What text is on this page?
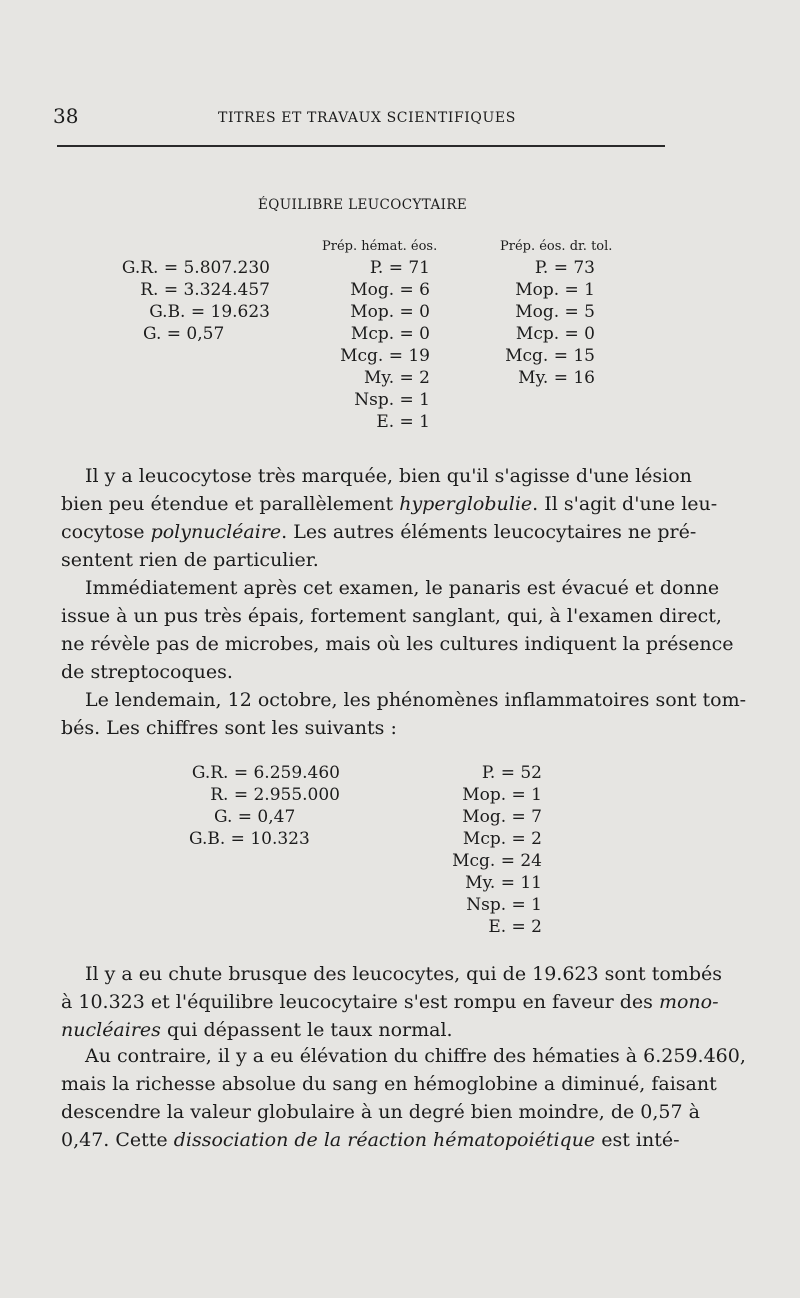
38	TITRES ET TRAVAUX SCIENTIFIQUES
ÉQUILIBRE LEUCOCYTAIRE
Prép. hémat. éos.	Prép. éos. dr. tol.
G.R. = 5.807.230
R. = 3.324.457
G.B. = 19.623
G. = 0,57
P. = 71
Mog. = 6
Mop. = 0
Mcp. = 0
Mcg. = 19
My. = 2
Nsp. = 1
E. = 1
P. = 73
Mop. = 1
Mog. = 5
Mcp. = 0
Mcg. = 15
My. = 16
Il y a leucocytose très marquée, bien qu'il s'agisse d'une lésion
bien peu étendue et parallèlement hyperglobulie. Il s'agit d'une leu-
cocytose polynucléaire. Les autres éléments leucocytaires ne pré-
sentent rien de particulier.
Immédiatement après cet examen, le panaris est évacué et donne
issue à un pus très épais, fortement sanglant, qui, à l'examen direct,
ne révèle pas de microbes, mais où les cultures indiquent la présence
de streptocoques.
Le lendemain, 12 octobre, les phénomènes inflammatoires sont tom-
bés. Les chiffres sont les suivants :
G.R. = 6.259.460
R. = 2.955.000
G. = 0,47
G.B. = 10.323
P. = 52
Mop. = 1
Mog. = 7
Mcp. = 2
Mcg. = 24
My. = 11
Nsp. = 1
E. = 2
Il y a eu chute brusque des leucocytes, qui de 19.623 sont tombés
à 10.323 et l'équilibre leucocytaire s'est rompu en faveur des mono-
nucléaires qui dépassent le taux normal.
Au contraire, il y a eu élévation du chiffre des hématies à 6.259.460,
mais la richesse absolue du sang en hémoglobine a diminué, faisant
descendre la valeur globulaire à un degré bien moindre, de 0,57 à
0,47. Cette dissociation de la réaction hématopoiétique est inté-
